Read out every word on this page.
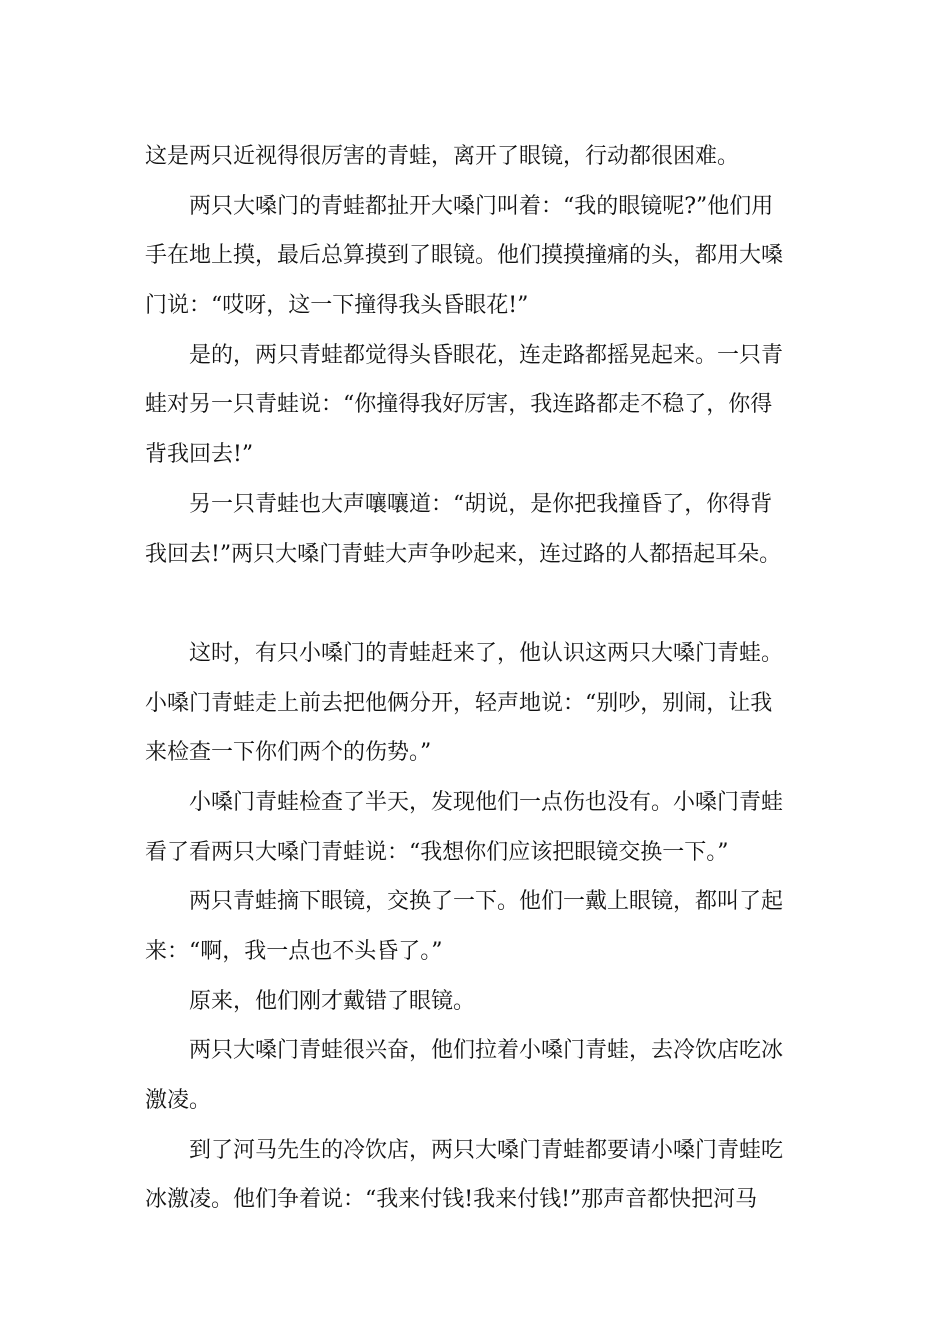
这是两只近视得很厉害的青蛙，离开了眼镜，行动都很困难。
两只大嗓门的青蛙都扯开大嗓门叫着：“我的眼镜呢?”他们用
手在地上摸，最后总算摸到了眼镜。他们摸摸撞痛的头，都用大嗓
门说：“哎呀，这一下撞得我头昏眼花!”
是的，两只青蛙都觉得头昏眼花，连走路都摇晃起来。一只青
蛙对另一只青蛙说：“你撞得我好厉害，我连路都走不稳了，你得
背我回去!”
另一只青蛙也大声嚷嚷道：“胡说，是你把我撞昏了，你得背
我回去!”两只大嗓门青蛙大声争吵起来，连过路的人都捂起耳朵。
这时，有只小嗓门的青蛙赶来了，他认识这两只大嗓门青蛙。
小嗓门青蛙走上前去把他俩分开，轻声地说：“别吵，别闹，让我
来检查一下你们两个的伤势。”
小嗓门青蛙检查了半天，发现他们一点伤也没有。小嗓门青蛙
看了看两只大嗓门青蛙说：“我想你们应该把眼镜交换一下。”
两只青蛙摘下眼镜，交换了一下。他们一戴上眼镜，都叫了起
来：“啊，我一点也不头昏了。”
原来，他们刚才戴错了眼镜。
两只大嗓门青蛙很兴奋，他们拉着小嗓门青蛙，去冷饮店吃冰
激凌。
到了河马先生的冷饮店，两只大嗓门青蛙都要请小嗓门青蛙吃
冰激凌。他们争着说：“我来付钱!我来付钱!”那声音都快把河马
